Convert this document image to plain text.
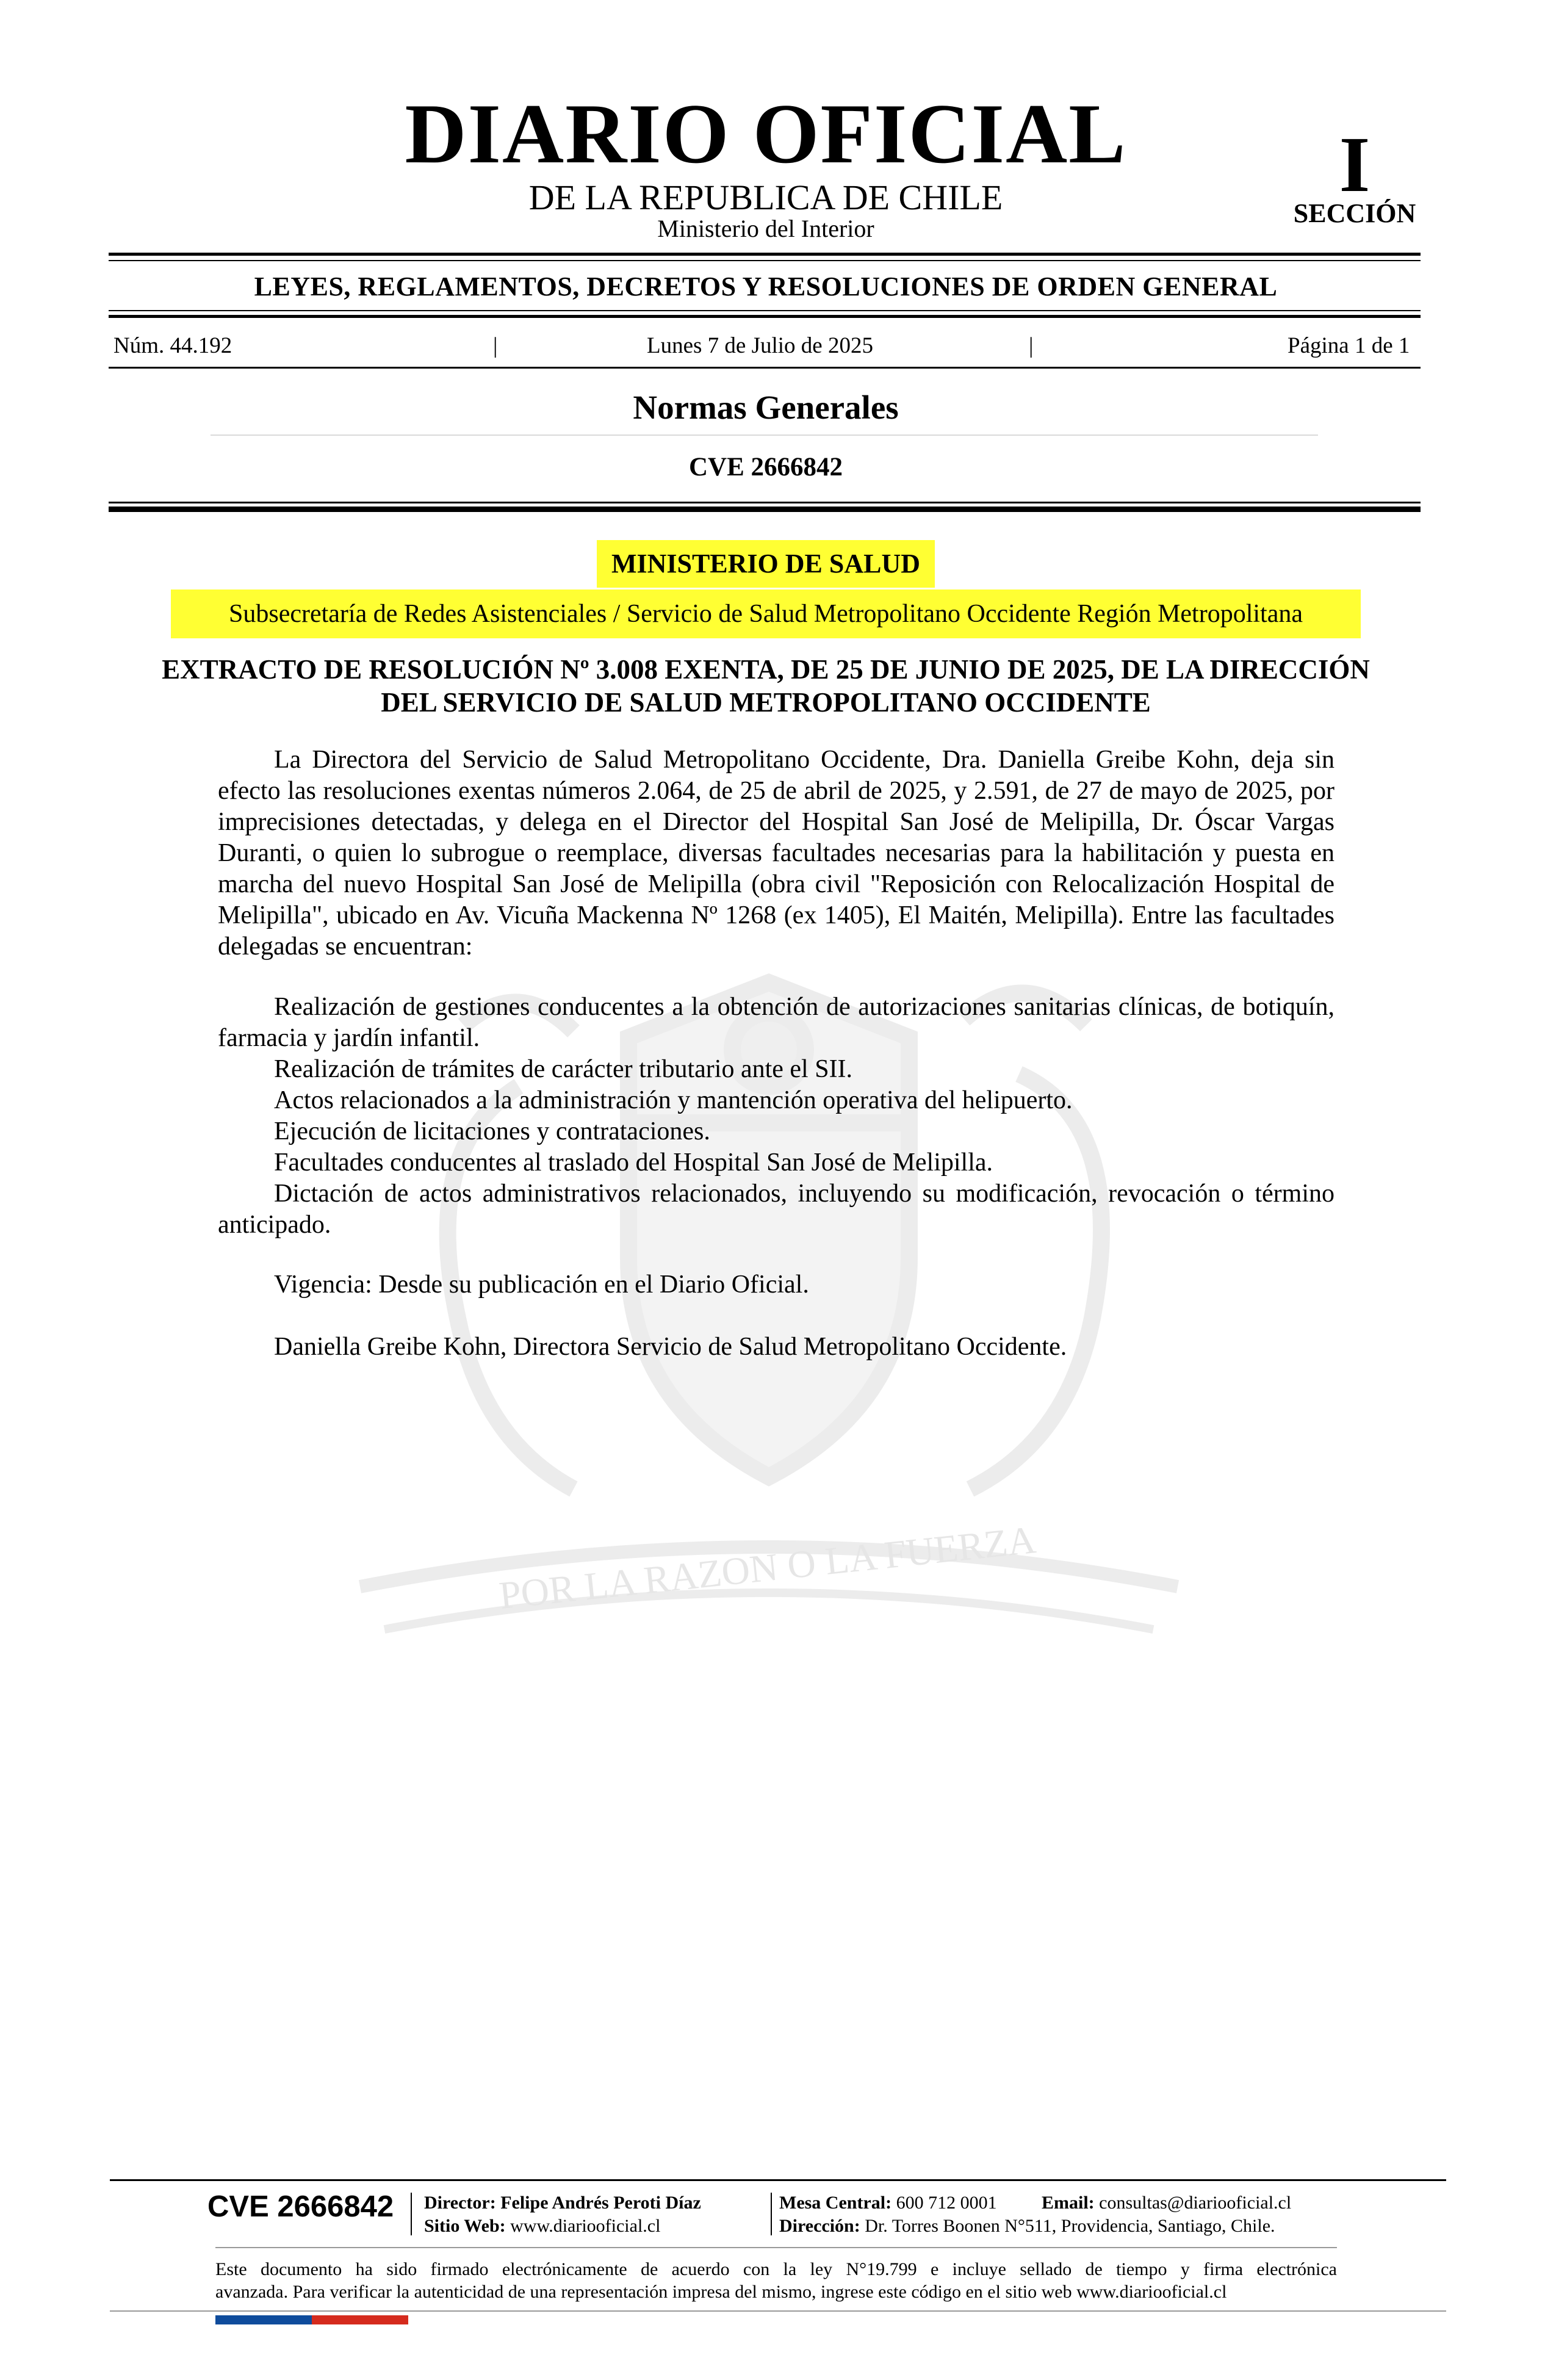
POR LA RAZON O LA FUERZA
DIARIO OFICIAL
DE LA REPUBLICA DE CHILE
Ministerio del Interior
I
SECCIÓN
LEYES, REGLAMENTOS, DECRETOS Y RESOLUCIONES DE ORDEN GENERAL
Núm. 44.192	|	Lunes 7 de Julio de 2025	|	Página 1 de 1
Normas Generales
CVE 2666842
MINISTERIO DE SALUD
Subsecretaría de Redes Asistenciales / Servicio de Salud Metropolitano Occidente Región Metropolitana
EXTRACTO DE RESOLUCIÓN Nº 3.008 EXENTA, DE 25 DE JUNIO DE 2025, DE LA DIRECCIÓN DEL SERVICIO DE SALUD METROPOLITANO OCCIDENTE
La Directora del Servicio de Salud Metropolitano Occidente, Dra. Daniella Greibe Kohn, deja sin efecto las resoluciones exentas números 2.064, de 25 de abril de 2025, y 2.591, de 27 de mayo de 2025, por imprecisiones detectadas, y delega en el Director del Hospital San José de Melipilla, Dr. Óscar Vargas Duranti, o quien lo subrogue o reemplace, diversas facultades necesarias para la habilitación y puesta en marcha del nuevo Hospital San José de Melipilla (obra civil "Reposición con Relocalización Hospital de Melipilla", ubicado en Av. Vicuña Mackenna Nº 1268 (ex 1405), El Maitén, Melipilla). Entre las facultades delegadas se encuentran:
Realización de gestiones conducentes a la obtención de autorizaciones sanitarias clínicas, de botiquín, farmacia y jardín infantil.
Realización de trámites de carácter tributario ante el SII.
Actos relacionados a la administración y mantención operativa del helipuerto.
Ejecución de licitaciones y contrataciones.
Facultades conducentes al traslado del Hospital San José de Melipilla.
Dictación de actos administrativos relacionados, incluyendo su modificación, revocación o término anticipado.
Vigencia: Desde su publicación en el Diario Oficial.
Daniella Greibe Kohn, Directora Servicio de Salud Metropolitano Occidente.
CVE 2666842 Director: Felipe Andrés Peroti Díaz
Sitio Web: www.diariooficial.cl
Mesa Central: 600 712 0001 Email: consultas@diariooficial.cl
Dirección: Dr. Torres Boonen N°511, Providencia, Santiago, Chile.
Este documento ha sido firmado electrónicamente de acuerdo con la ley N°19.799 e incluye sellado de tiempo y firma electrónica
avanzada. Para verificar la autenticidad de una representación impresa del mismo, ingrese este código en el sitio web www.diariooficial.cl
